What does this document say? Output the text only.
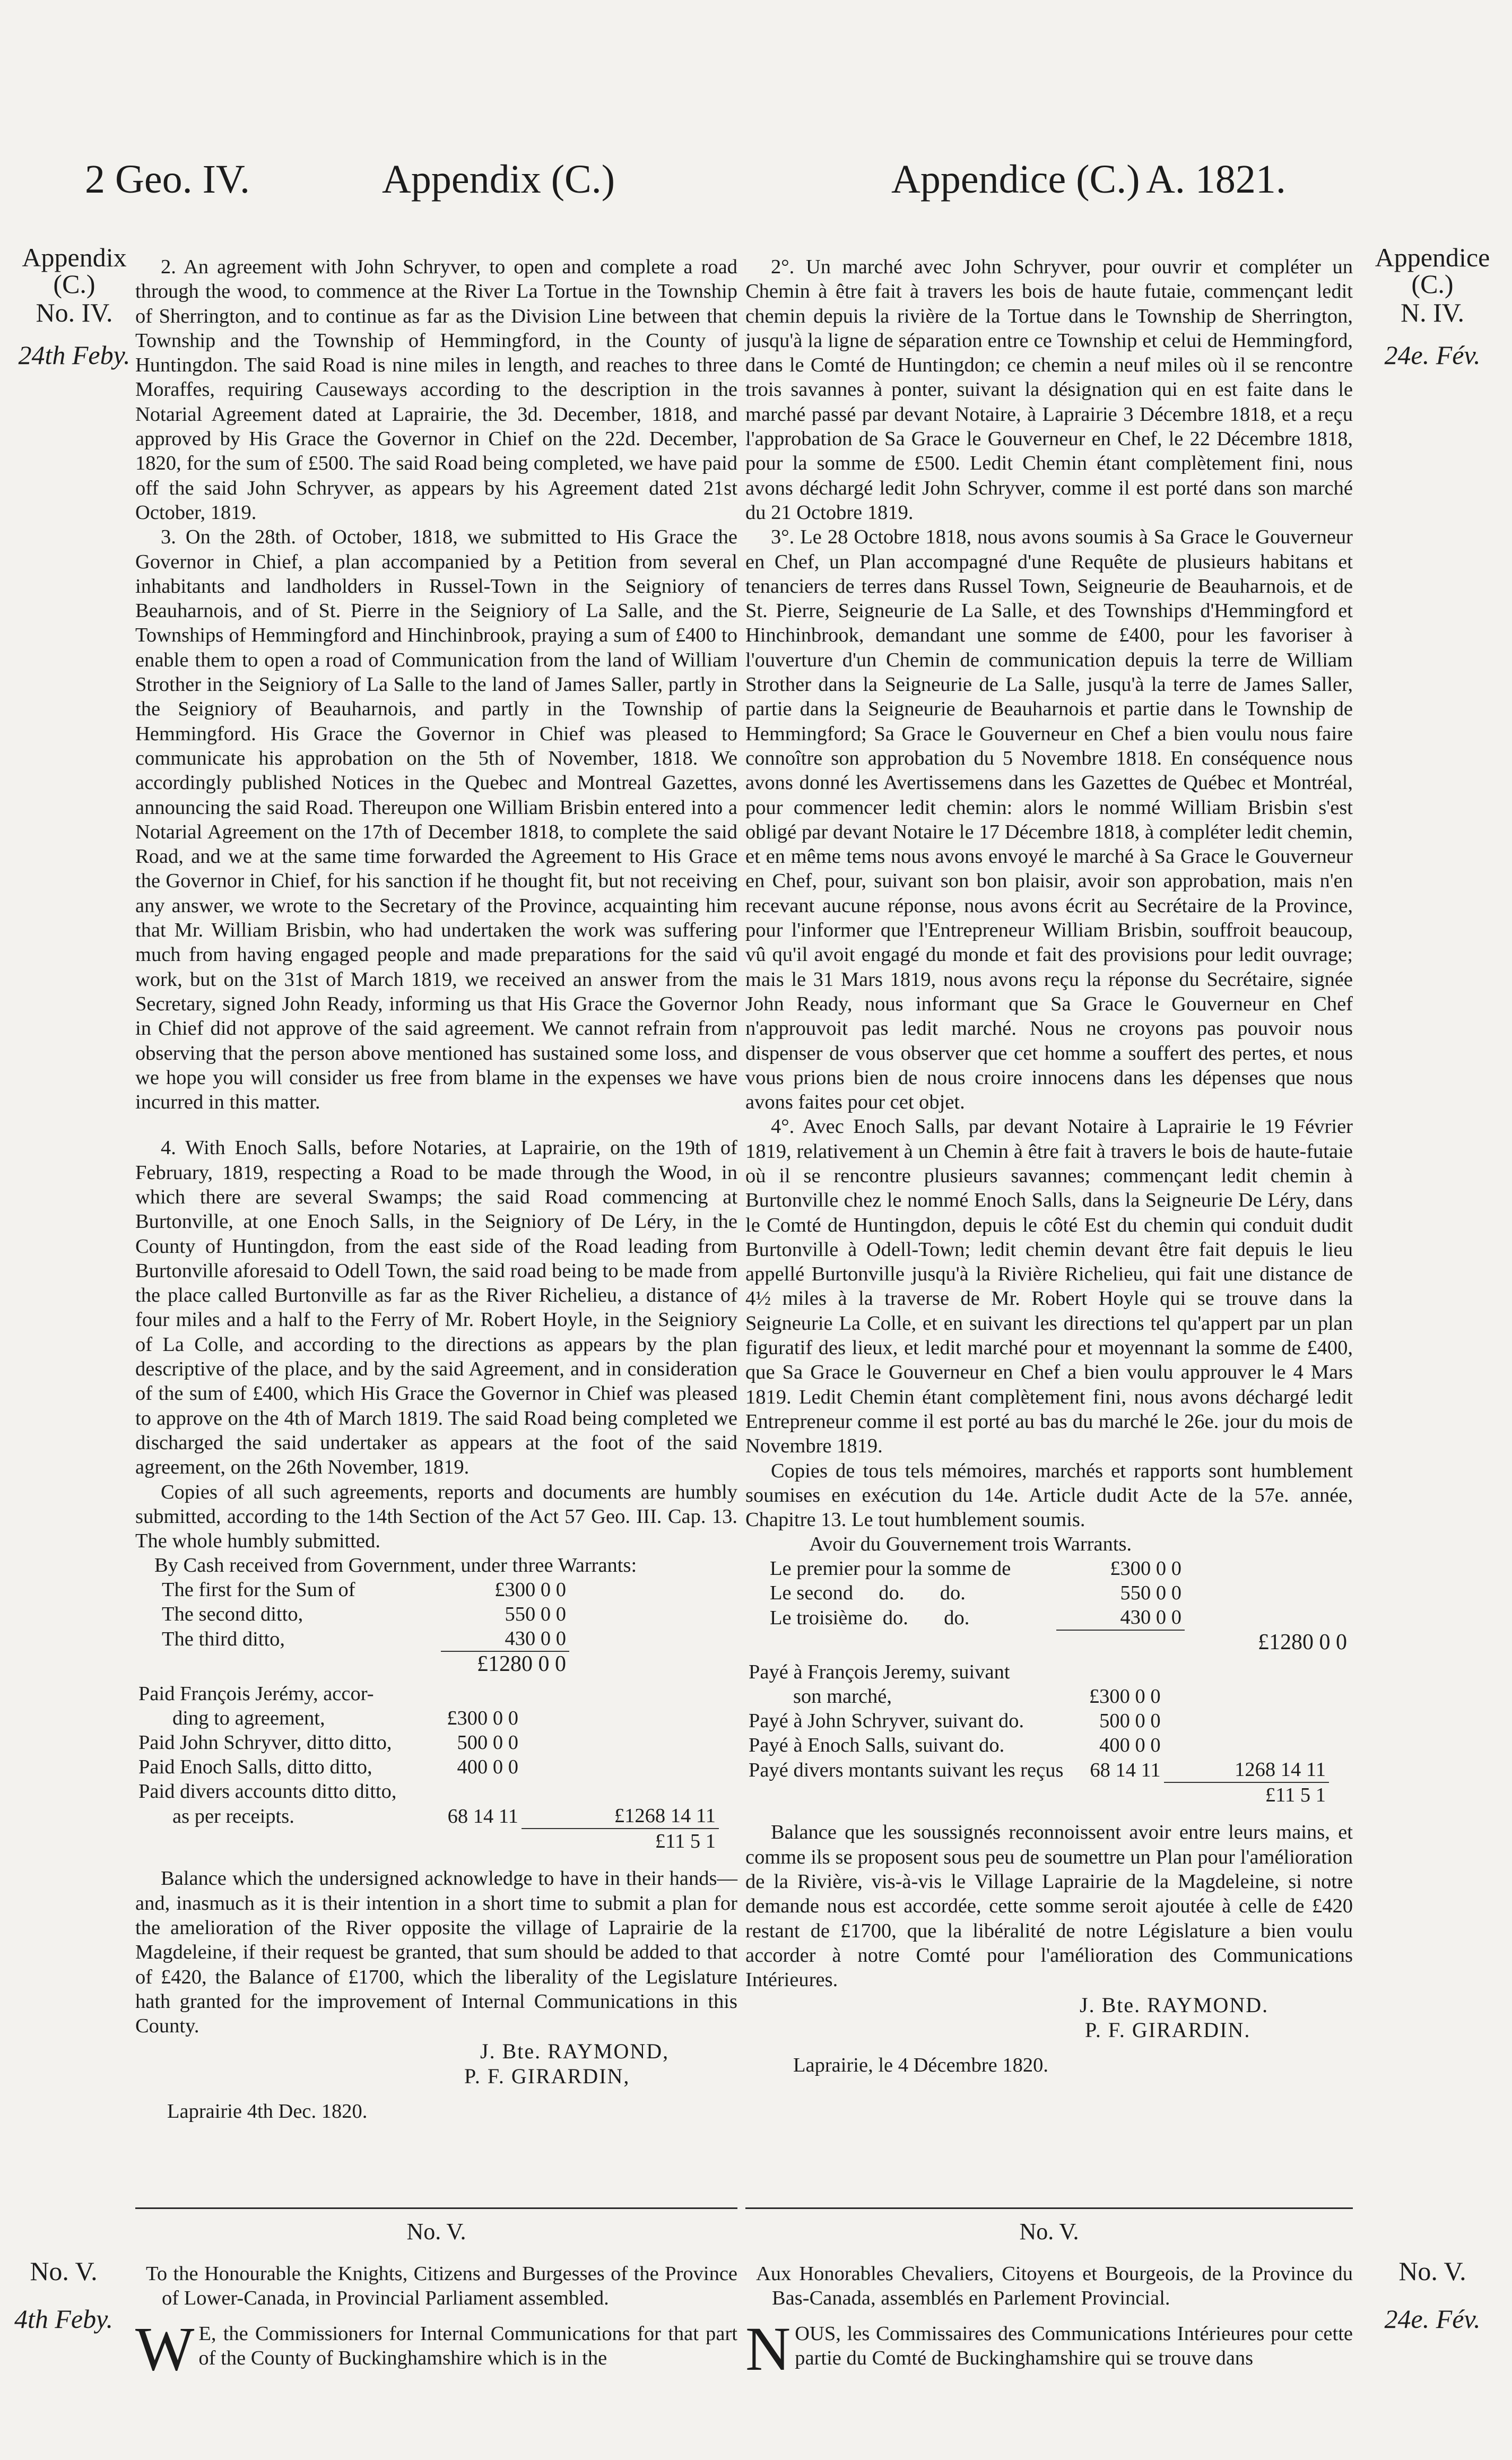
2 Geo. IV.	Appendix (C.)	Appendice (C.) A. 1821.
Appendix
(C.)
No. IV.
24th Feby.
No. V.
4th Feby.
Appendice
(C.)
N. IV.
24e. Fév.
No. V.
24e. Fév.

2. An agreement with John Schryver, to open and complete a road through the wood, to commence at the River La Tortue in the Township of Sherrington, and to continue as far as the Division Line between that Township and the Township of Hemmingford, in the County of Huntingdon. The said Road is nine miles in length, and reaches to three Moraffes, requiring Causeways according to the description in the Notarial Agreement dated at Laprairie, the 3d. December, 1818, and approved by His Grace the Governor in Chief on the 22d. December, 1820, for the sum of £500. The said Road being completed, we have paid off the said John Schryver, as appears by his Agreement dated 21st October, 1819.

3. On the 28th. of October, 1818, we submitted to His Grace the Governor in Chief, a plan accompanied by a Petition from several inhabitants and landholders in Russel-Town in the Seigniory of Beauharnois, and of St. Pierre in the Seigniory of La Salle, and the Townships of Hemmingford and Hinchinbrook, praying a sum of £400 to enable them to open a road of Communication from the land of William Strother in the Seigniory of La Salle to the land of James Saller, partly in the Seigniory of Beauharnois, and partly in the Township of Hemmingford. His Grace the Governor in Chief was pleased to communicate his approbation on the 5th of November, 1818. We accordingly published Notices in the Quebec and Montreal Gazettes, announcing the said Road. Thereupon one William Brisbin entered into a Notarial Agreement on the 17th of December 1818, to complete the said Road, and we at the same time forwarded the Agreement to His Grace the Governor in Chief, for his sanction if he thought fit, but not receiving any answer, we wrote to the Secretary of the Province, acquainting him that Mr. William Brisbin, who had undertaken the work was suffering much from having engaged people and made preparations for the said work, but on the 31st of March 1819, we received an answer from the Secretary, signed John Ready, informing us that His Grace the Governor in Chief did not approve of the said agreement. We cannot refrain from observing that the person above mentioned has sustained some loss, and we hope you will consider us free from blame in the expenses we have incurred in this matter.

4. With Enoch Salls, before Notaries, at Laprairie, on the 19th of February, 1819, respecting a Road to be made through the Wood, in which there are several Swamps; the said Road commencing at Burtonville, at one Enoch Salls, in the Seigniory of De Léry, in the County of Huntingdon, from the east side of the Road leading from Burtonville aforesaid to Odell Town, the said road being to be made from the place called Burtonville as far as the River Richelieu, a distance of four miles and a half to the Ferry of Mr. Robert Hoyle, in the Seigniory of La Colle, and according to the directions as appears by the plan descriptive of the place, and by the said Agreement, and in consideration of the sum of £400, which His Grace the Governor in Chief was pleased to approve on the 4th of March 1819. The said Road being completed we discharged the said undertaker as appears at the foot of the said agreement, on the 26th November, 1819.

Copies of all such agreements, reports and documents are humbly submitted, according to the 14th Section of the Act 57 Geo. III. Cap. 13. The whole humbly submitted.

By Cash received from Government, under three Warrants:		
The first for the Sum of	£300 0 0	
The second ditto,	550 0 0	
The third ditto,	430 0 0	
	£1280 0 0	
Paid François Jerémy, accor-		
ding to agreement,	£300 0 0	
Paid John Schryver, ditto ditto,	500 0 0	
Paid Enoch Salls, ditto ditto,	400 0 0	
Paid divers accounts ditto ditto,		
as per receipts.	68 14 11	£1268 14 11
		£11 5 1

Balance which the undersigned acknowledge to have in their hands—and, inasmuch as it is their intention in a short time to submit a plan for the amelioration of the River opposite the village of Laprairie de la Magdeleine, if their request be granted, that sum should be added to that of £420, the Balance of £1700, which the liberality of the Legislature hath granted for the improvement of Internal Communications in this County.

J. Bte. RAYMOND,
P. F. GIRARDIN,
Laprairie 4th Dec. 1820.

2°. Un marché avec John Schryver, pour ouvrir et compléter un Chemin à être fait à travers les bois de haute futaie, commençant ledit chemin depuis la rivière de la Tortue dans le Township de Sherrington, jusqu'à la ligne de séparation entre ce Township et celui de Hemmingford, dans le Comté de Huntingdon; ce chemin a neuf miles où il se rencontre trois savannes à ponter, suivant la désignation qui en est faite dans le marché passé par devant Notaire, à Laprairie 3 Décembre 1818, et a reçu l'approbation de Sa Grace le Gouverneur en Chef, le 22 Décembre 1818, pour la somme de £500. Ledit Chemin étant complètement fini, nous avons déchargé ledit John Schryver, comme il est porté dans son marché du 21 Octobre 1819.

3°. Le 28 Octobre 1818, nous avons soumis à Sa Grace le Gouverneur en Chef, un Plan accompagné d'une Requête de plusieurs habitans et tenanciers de terres dans Russel Town, Seigneurie de Beauharnois, et de St. Pierre, Seigneurie de La Salle, et des Townships d'Hemmingford et Hinchinbrook, demandant une somme de £400, pour les favoriser à l'ouverture d'un Chemin de communication depuis la terre de William Strother dans la Seigneurie de La Salle, jusqu'à la terre de James Saller, partie dans la Seigneurie de Beauharnois et partie dans le Township de Hemmingford; Sa Grace le Gouverneur en Chef a bien voulu nous faire connoître son approbation du 5 Novembre 1818. En conséquence nous avons donné les Avertissemens dans les Gazettes de Québec et Montréal, pour commencer ledit chemin: alors le nommé William Brisbin s'est obligé par devant Notaire le 17 Décembre 1818, à compléter ledit chemin, et en même tems nous avons envoyé le marché à Sa Grace le Gouverneur en Chef, pour, suivant son bon plaisir, avoir son approbation, mais n'en recevant aucune réponse, nous avons écrit au Secrétaire de la Province, pour l'informer que l'Entrepreneur William Brisbin, souffroit beaucoup, vû qu'il avoit engagé du monde et fait des provisions pour ledit ouvrage; mais le 31 Mars 1819, nous avons reçu la réponse du Secrétaire, signée John Ready, nous informant que Sa Grace le Gouverneur en Chef n'approuvoit pas ledit marché. Nous ne croyons pas pouvoir nous dispenser de vous observer que cet homme a souffert des pertes, et nous vous prions bien de nous croire innocens dans les dépenses que nous avons faites pour cet objet.

4°. Avec Enoch Salls, par devant Notaire à Laprairie le 19 Février 1819, relativement à un Chemin à être fait à travers le bois de haute-futaie où il se rencontre plusieurs savannes; commençant ledit chemin à Burtonville chez le nommé Enoch Salls, dans la Seigneurie De Léry, dans le Comté de Huntingdon, depuis le côté Est du chemin qui conduit dudit Burtonville à Odell-Town; ledit chemin devant être fait depuis le lieu appellé Burtonville jusqu'à la Rivière Richelieu, qui fait une distance de 4½ miles à la traverse de Mr. Robert Hoyle qui se trouve dans la Seigneurie La Colle, et en suivant les directions tel qu'appert par un plan figuratif des lieux, et ledit marché pour et moyennant la somme de £400, que Sa Grace le Gouverneur en Chef a bien voulu approuver le 4 Mars 1819. Ledit Chemin étant complètement fini, nous avons déchargé ledit Entrepreneur comme il est porté au bas du marché le 26e. jour du mois de Novembre 1819.

Copies de tous tels mémoires, marchés et rapports sont humblement soumises en exécution du 14e. Article dudit Acte de la 57e. année, Chapitre 13. Le tout humblement soumis.

Avoir du Gouvernement trois Warrants.		
Le premier pour la somme de	£300 0 0	
Le second     do.       do.	550 0 0	
Le troisième  do.       do.	430 0 0	
		£1280 0 0
Payé à François Jeremy, suivant		
son marché,	£300 0 0	
Payé à John Schryver, suivant do.	500 0 0	
Payé à Enoch Salls, suivant do.	400 0 0	
Payé divers montants suivant les reçus	68 14 11	1268 14 11
		£11 5 1

Balance que les soussignés reconnoissent avoir entre leurs mains, et comme ils se proposent sous peu de soumettre un Plan pour l'amélioration de la Rivière, vis-à-vis le Village Laprairie de la Magdeleine, si notre demande nous est accordée, cette somme seroit ajoutée à celle de £420 restant de £1700, que la libéralité de notre Législature a bien voulu accorder à notre Comté pour l'amélioration des Communications Intérieures.

J. Bte. RAYMOND.
P. F. GIRARDIN.
Laprairie, le 4 Décembre 1820.
No. V.	No. V.

To the Honourable the Knights, Citizens and Burgesses of the Province of Lower-Canada, in Provincial Parliament assembled.

W E, the Commissioners for Internal Communications for that part of the County of Buckinghamshire which is in the

Aux Honorables Chevaliers, Citoyens et Bourgeois, de la Province du Bas-Canada, assemblés en Parlement Provincial.

NOUS, les Commissaires des Communications Intérieures pour cette partie du Comté de Buckinghamshire qui se trouve dans
